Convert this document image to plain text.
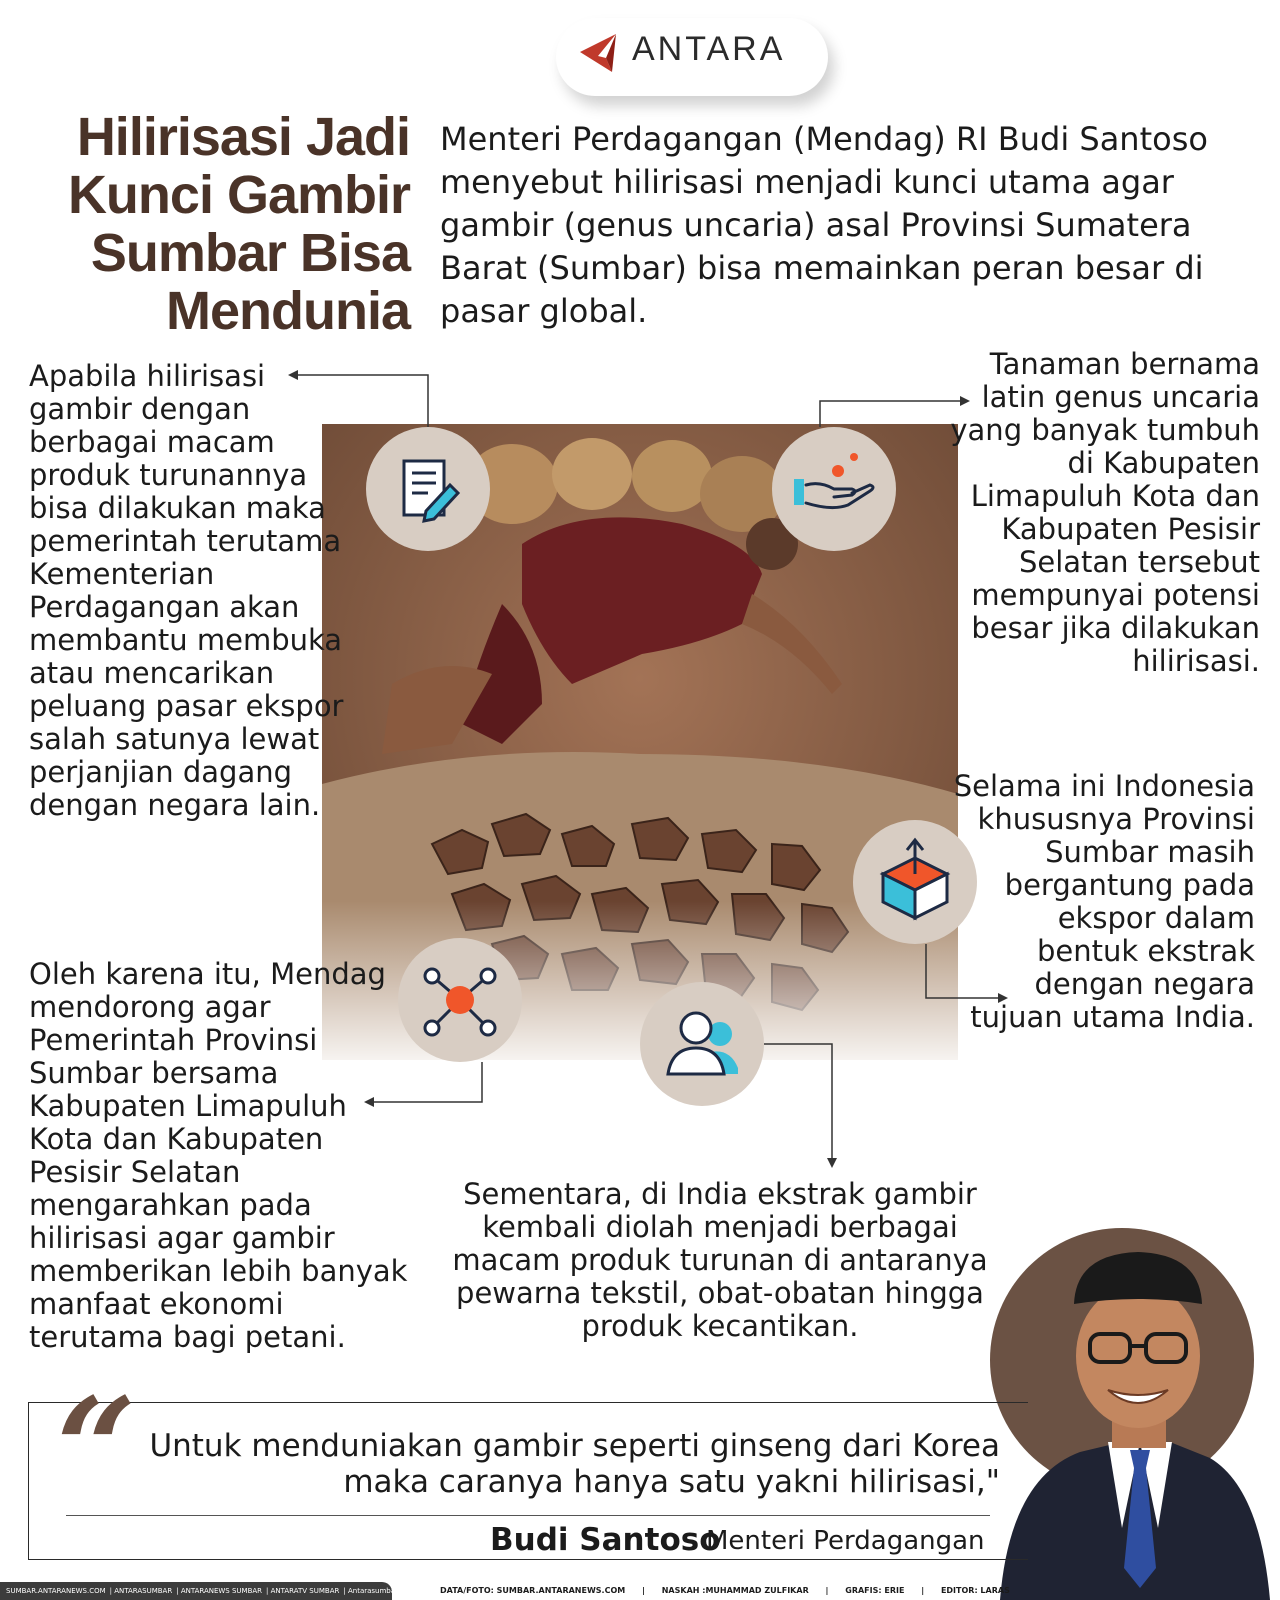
ANTARA
Hilirisasi Jadi Kunci Gambir Sumbar Bisa Mendunia
Menteri Perdagangan (Mendag) RI Budi Santoso menyebut hilirisasi menjadi kunci utama agar gambir (genus uncaria) asal Provinsi Sumatera Barat (Sumbar) bisa memainkan peran besar di pasar global.
Apabila hilirisasi gambir dengan berbagai macam produk turunannya bisa dilakukan maka pemerintah terutama Kementerian Perdagangan akan membantu membuka atau mencarikan peluang pasar ekspor salah satunya lewat perjanjian dagang dengan negara lain.
Tanaman bernama latin genus uncaria yang banyak tumbuh di Kabupaten Limapuluh Kota dan Kabupaten Pesisir Selatan tersebut mempunyai potensi besar jika dilakukan hilirisasi.
Selama ini Indonesia khususnya Provinsi Sumbar masih bergantung pada ekspor dalam bentuk ekstrak dengan negara tujuan utama India.
Oleh karena itu, Mendag mendorong agar Pemerintah Provinsi Sumbar bersama Kabupaten Limapuluh Kota dan Kabupaten Pesisir Selatan mengarahkan pada hilirisasi agar gambir memberikan lebih banyak manfaat ekonomi terutama bagi petani.
Sementara, di India ekstrak gambir kembali diolah menjadi berbagai macam produk turunan di antaranya pewarna tekstil, obat-obatan hingga produk kecantikan.
“ Untuk menduniakan gambir seperti ginseng dari Korea maka caranya hanya satu yakni hilirisasi,"
Budi Santoso
Menteri Perdagangan
SUMBAR.ANTARANEWS.COM | ANTARASUMBAR | ANTARANEWS SUMBAR | ANTARATV SUMBAR | Antarasumbar	DATA/FOTO: SUMBAR.ANTARANEWS.COM | NASKAH :MUHAMMAD ZULFIKAR | GRAFIS: ERIE | EDITOR: LARAS
